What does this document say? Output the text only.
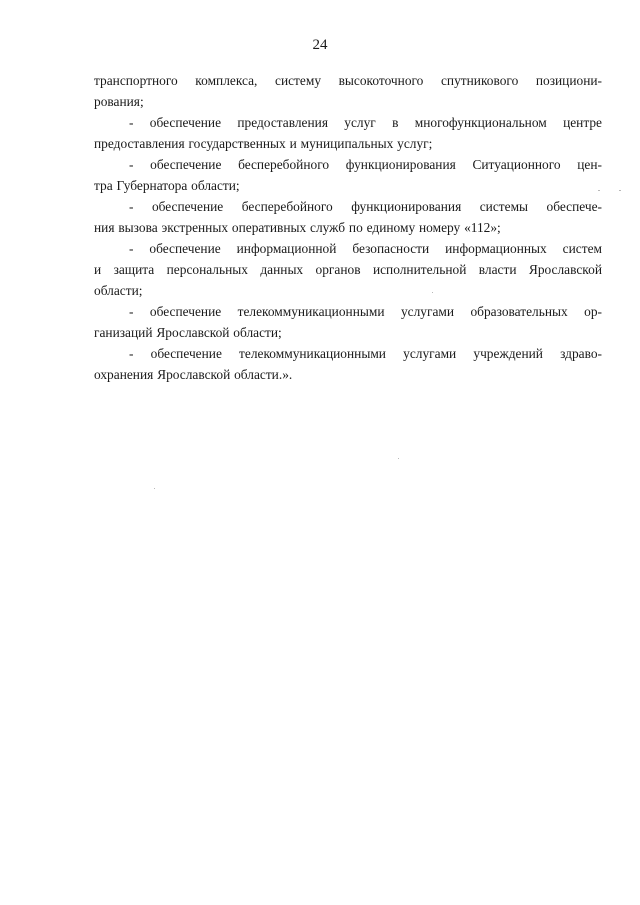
24
транспортного комплекса, систему высокоточного спутникового позициони-
рования;
- обеспечение предоставления услуг в многофункциональном центре
предоставления государственных и муниципальных услуг;
- обеспечение бесперебойного функционирования Ситуационного цен-
тра Губернатора области;
- обеспечение бесперебойного функционирования системы обеспече-
ния вызова экстренных оперативных служб по единому номеру «112»;
- обеспечение информационной безопасности информационных систем
и защита персональных данных органов исполнительной власти Ярославской
области;
- обеспечение телекоммуникационными услугами образовательных ор-
ганизаций Ярославской области;
- обеспечение телекоммуникационными услугами учреждений здраво-
охранения Ярославской области.».
